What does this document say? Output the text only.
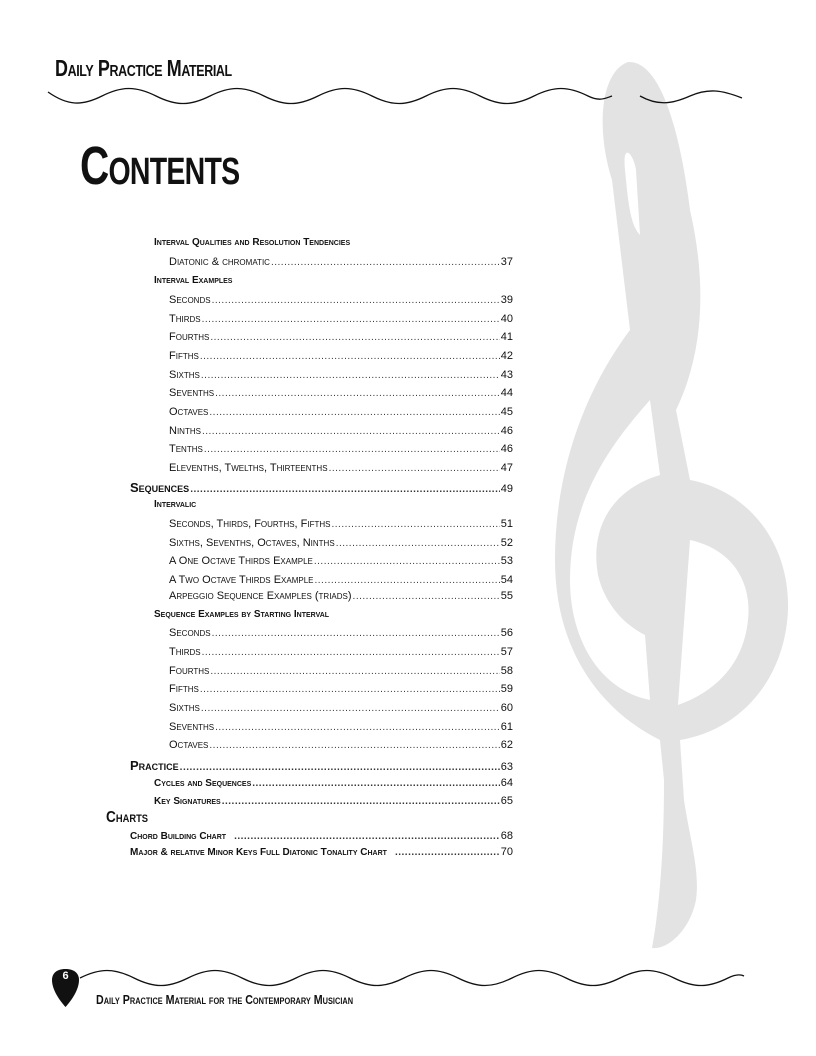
Daily Practice Material
Contents
Interval Qualities and Resolution Tendencies
Diatonic & chromatic .....	37
Interval Examples
Seconds .....	39
Thirds .....	40
Fourths .....	41
Fifths .....	42
Sixths .....	43
Sevenths .....	44
Octaves .....	45
Ninths .....	46
Tenths .....	46
Elevenths, Twelths, Thirteenths .....	47
Sequences .....	49
Intervalic
Seconds, Thirds, Fourths, Fifths .....	51
Sixths, Sevenths, Octaves, Ninths .....	52
A One Octave Thirds Example .....	53
A Two Octave Thirds Example .....	54
Arpeggio Sequence Examples (triads) .....	55
Sequence Examples by Starting Interval
Seconds .....	56
Thirds .....	57
Fourths .....	58
Fifths .....	59
Sixths .....	60
Sevenths .....	61
Octaves .....	62
Practice .....	63
Cycles and Sequences .....	64
Key Signatures .....	65
Chord Building Chart .....	68
Major & relative Minor Keys Full Diatonic Tonality Chart .....	70
Charts
6
Daily Practice Material for the Contemporary Musician
